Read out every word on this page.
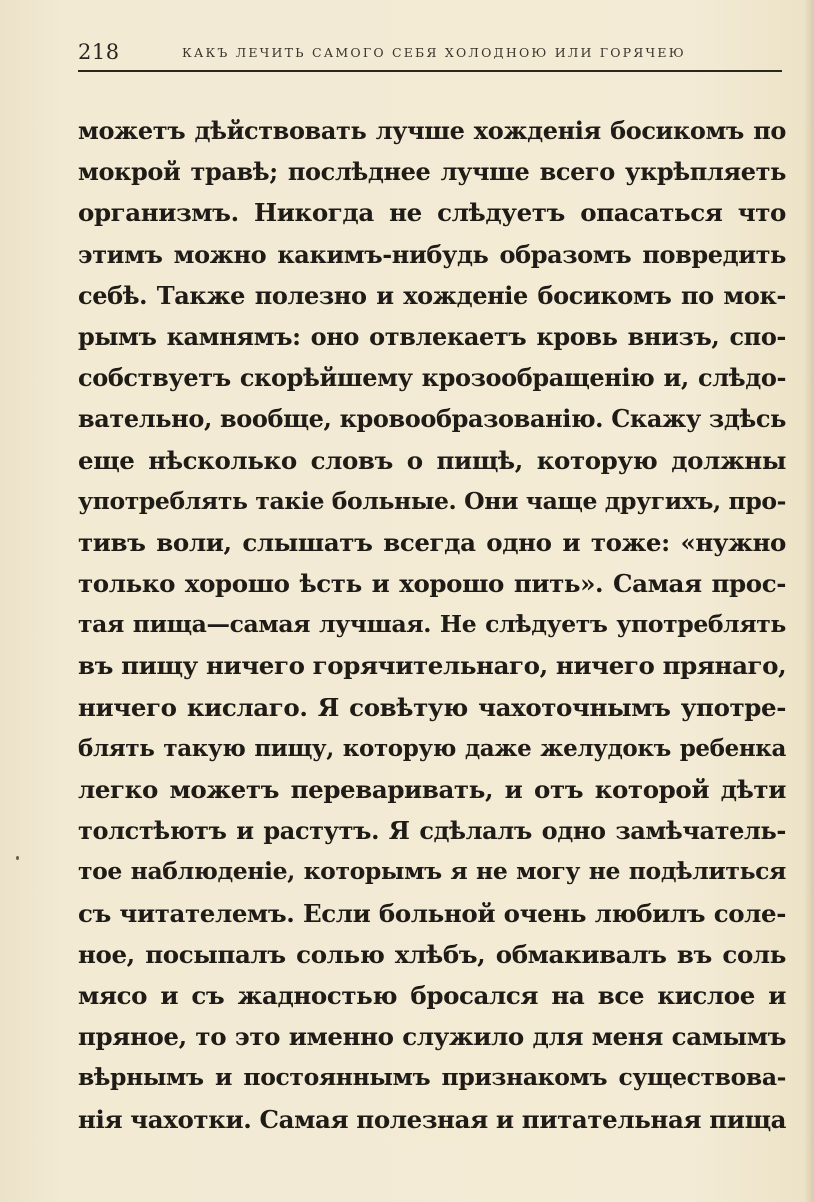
218	КАКЪ ЛЕЧИТЬ САМОГО СЕБЯ ХОЛОДНОЮ ИЛИ ГОРЯЧЕЮ
можетъ дѣйствовать лучше хожденія босикомъ по
мокрой травѣ; послѣднее лучше всего укрѣпляеть
организмъ. Никогда не слѣдуетъ опасаться что
этимъ можно какимъ-нибудь образомъ повредить
себѣ. Также полезно и хожденіе босикомъ по мок-
рымъ камнямъ: оно отвлекаетъ кровь внизъ, спо-
собствуетъ скорѣйшему крозообращенію и, слѣдо-
вательно, вообще, кровообразованію. Скажу здѣсь
еще нѣсколько словъ о пищѣ, которую должны
употреблять такіе больные. Они чаще другихъ, про-
тивъ воли, слышатъ всегда одно и тоже: «нужно
только хорошо ѣсть и хорошо пить». Самая прос-
тая пища—самая лучшая. Не слѣдуетъ употреблять
въ пищу ничего горячительнаго, ничего прянаго,
ничего кислаго. Я совѣтую чахоточнымъ употре-
блять такую пищу, которую даже желудокъ ребенка
легко можетъ переваривать, и отъ которой дѣти
толстѣютъ и растутъ. Я сдѣлалъ одно замѣчатель-
тое наблюденіе, которымъ я не могу не подѣлиться
съ читателемъ. Если больной очень любилъ соле-
ное, посыпалъ солью хлѣбъ, обмакивалъ въ соль
мясо и съ жадностью бросался на все кислое и
пряное, то это именно служило для меня самымъ
вѣрнымъ и постояннымъ признакомъ существова-
нія чахотки. Самая полезная и питательная пища
